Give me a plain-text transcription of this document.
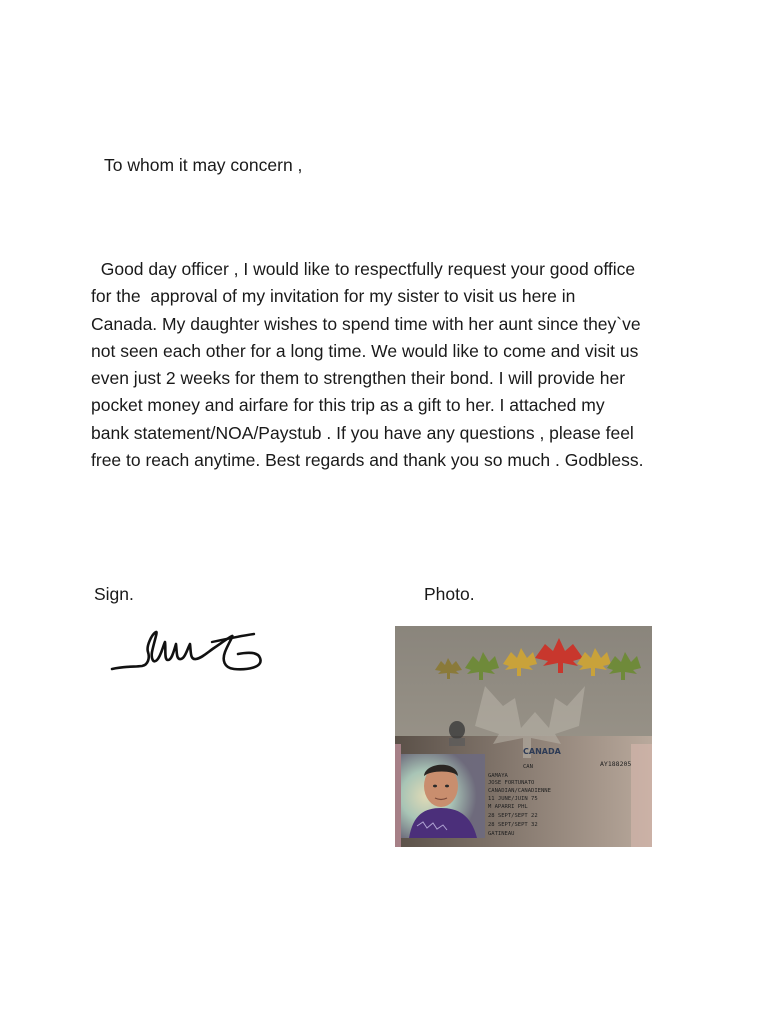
To whom it may concern ,
Good day officer , I would like to respectfully request your good office
for the  approval of my invitation for my sister to visit us here in
Canada. My daughter wishes to spend time with her aunt since they`ve
not seen each other for a long time. We would like to come and visit us
even just 2 weeks for them to strengthen their bond. I will provide her
pocket money and airfare for this trip as a gift to her. I attached my
bank statement/NOA/Paystub . If you have any questions , please feel
free to reach anytime. Best regards and thank you so much . Godbless.
Sign.	Photo.
CANADA
CAN	AY188205
GAMAYA
JOSE FORTUNATO
CANADIAN/CANADIENNE
11 JUNE/JUIN 75
M APARRI PHL
28 SEPT/SEPT 22
28 SEPT/SEPT 32
GATINEAU
